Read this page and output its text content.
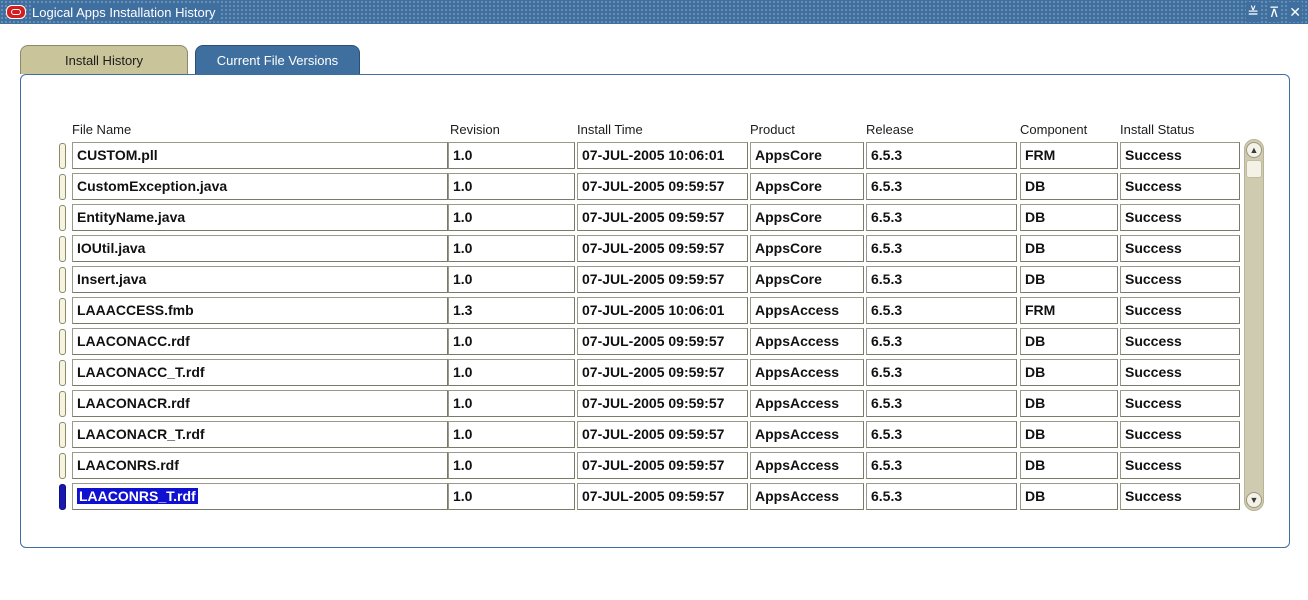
Logical Apps Installation History	≚ ⊼ ✕
Install History	Current File Versions
File Name	Revision	Install Time	Product	Release	Component	Install Status
CUSTOM.pll	1.0	07-JUL-2005 10:06:01	AppsCore	6.5.3	FRM	Success
CustomException.java	1.0	07-JUL-2005 09:59:57	AppsCore	6.5.3	DB	Success
EntityName.java	1.0	07-JUL-2005 09:59:57	AppsCore	6.5.3	DB	Success
IOUtil.java	1.0	07-JUL-2005 09:59:57	AppsCore	6.5.3	DB	Success
Insert.java	1.0	07-JUL-2005 09:59:57	AppsCore	6.5.3	DB	Success
LAAACCESS.fmb	1.3	07-JUL-2005 10:06:01	AppsAccess	6.5.3	FRM	Success
LAACONACC.rdf	1.0	07-JUL-2005 09:59:57	AppsAccess	6.5.3	DB	Success
LAACONACC_T.rdf	1.0	07-JUL-2005 09:59:57	AppsAccess	6.5.3	DB	Success
LAACONACR.rdf	1.0	07-JUL-2005 09:59:57	AppsAccess	6.5.3	DB	Success
LAACONACR_T.rdf	1.0	07-JUL-2005 09:59:57	AppsAccess	6.5.3	DB	Success
LAACONRS.rdf	1.0	07-JUL-2005 09:59:57	AppsAccess	6.5.3	DB	Success
LAACONRS_T.rdf	1.0	07-JUL-2005 09:59:57	AppsAccess	6.5.3	DB	Success
▲
▼
